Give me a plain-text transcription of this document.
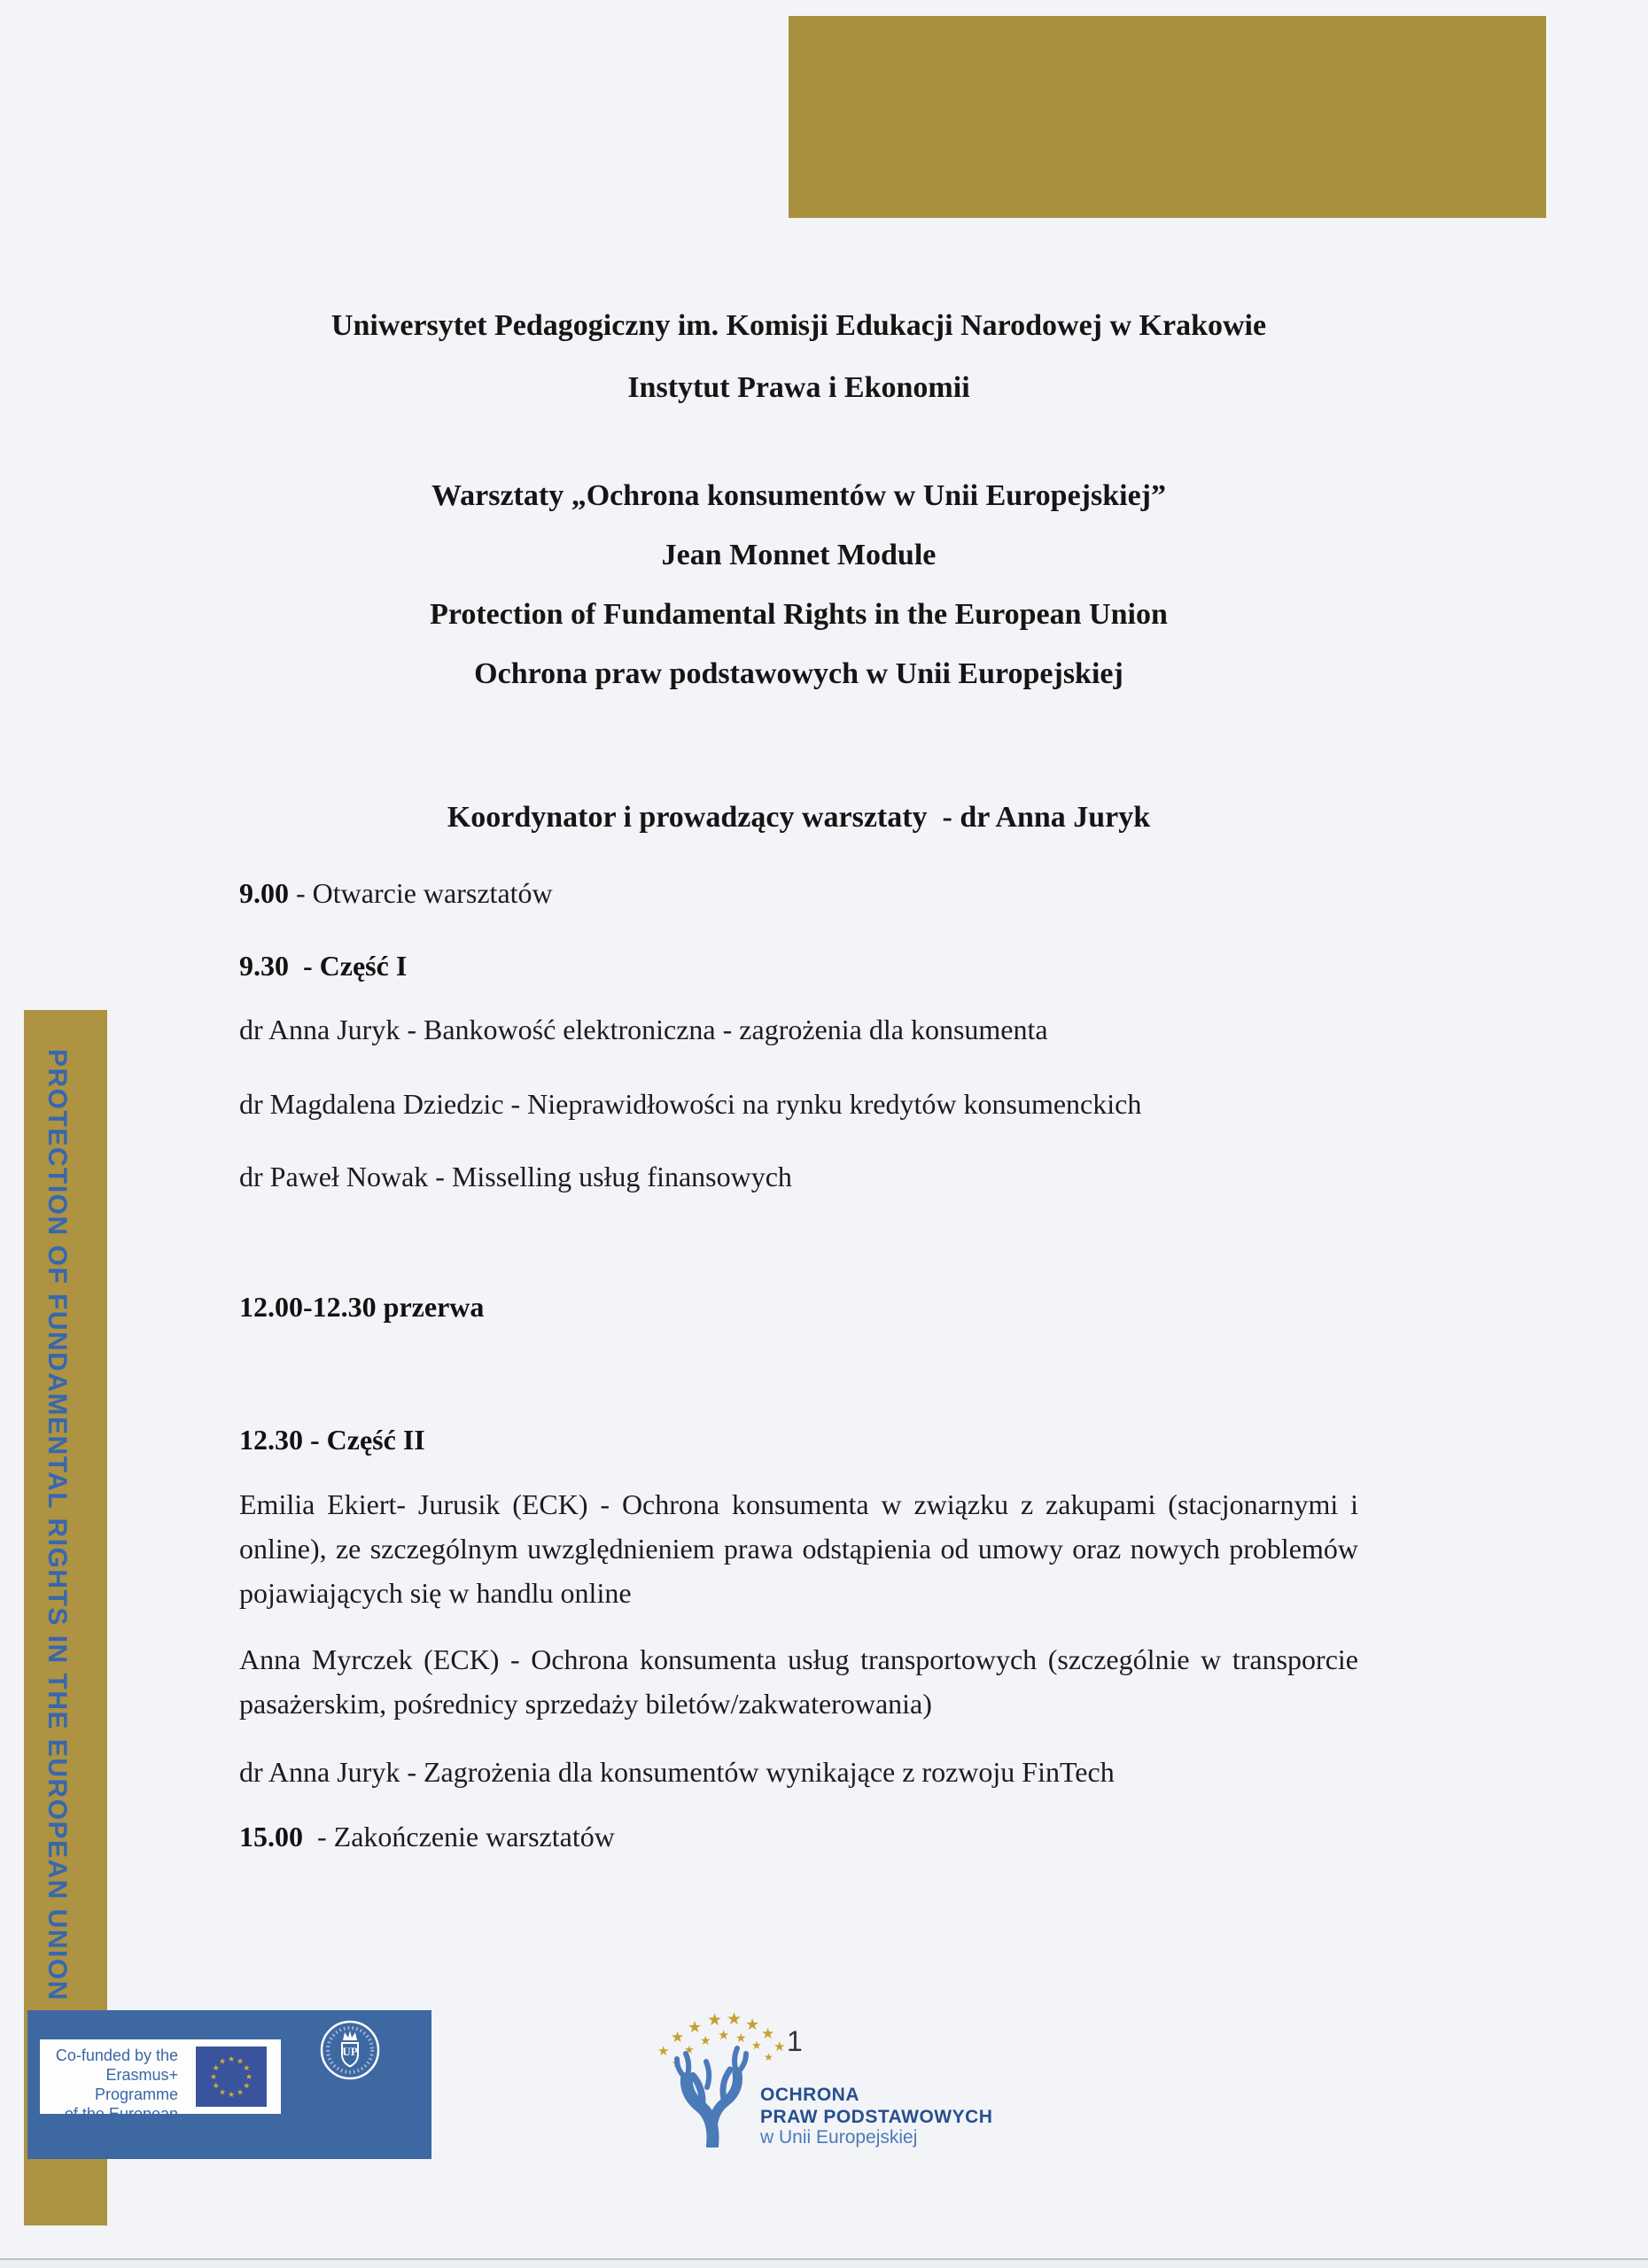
Uniwersytet Pedagogiczny im. Komisji Edukacji Narodowej w Krakowie
Instytut Prawa i Ekonomii
Warsztaty „Ochrona konsumentów w Unii Europejskiej”
Jean Monnet Module
Protection of Fundamental Rights in the European Union
Ochrona praw podstawowych w Unii Europejskiej
Koordynator i prowadzący warsztaty  - dr Anna Juryk
9.00 - Otwarcie warsztatów
9.30  - Część I
dr Anna Juryk - Bankowość elektroniczna - zagrożenia dla konsumenta
dr Magdalena Dziedzic - Nieprawidłowości na rynku kredytów konsumenckich
dr Paweł Nowak - Misselling usług finansowych
12.00-12.30 przerwa
12.30 - Część II
Emilia Ekiert- Jurusik (ECK) - Ochrona konsumenta w związku z zakupami (stacjonarnymi i online), ze szczególnym uwzględnieniem prawa odstąpienia od umowy oraz nowych problemów pojawiających się w handlu online
Anna Myrczek (ECK) - Ochrona konsumenta usług transportowych (szczególnie w transporcie pasażerskim, pośrednicy sprzedaży biletów/zakwaterowania)
dr Anna Juryk - Zagrożenia dla konsumentów wynikające z rozwoju FinTech
15.00  - Zakończenie warsztatów
PROTECTION OF FUNDAMENTAL RIGHTS IN THE EUROPEAN UNION
Co-funded by the
Erasmus+ Programme
of the European Union
★ ★
★
★
★
★
★
★
★
★
★
★
UP	★
★
★ ★ ★ ★
★
★
★
★
★ ★ ★
★
★ 1
OCHRONA
PRAW PODSTAWOWYCH
w Unii Europejskiej
